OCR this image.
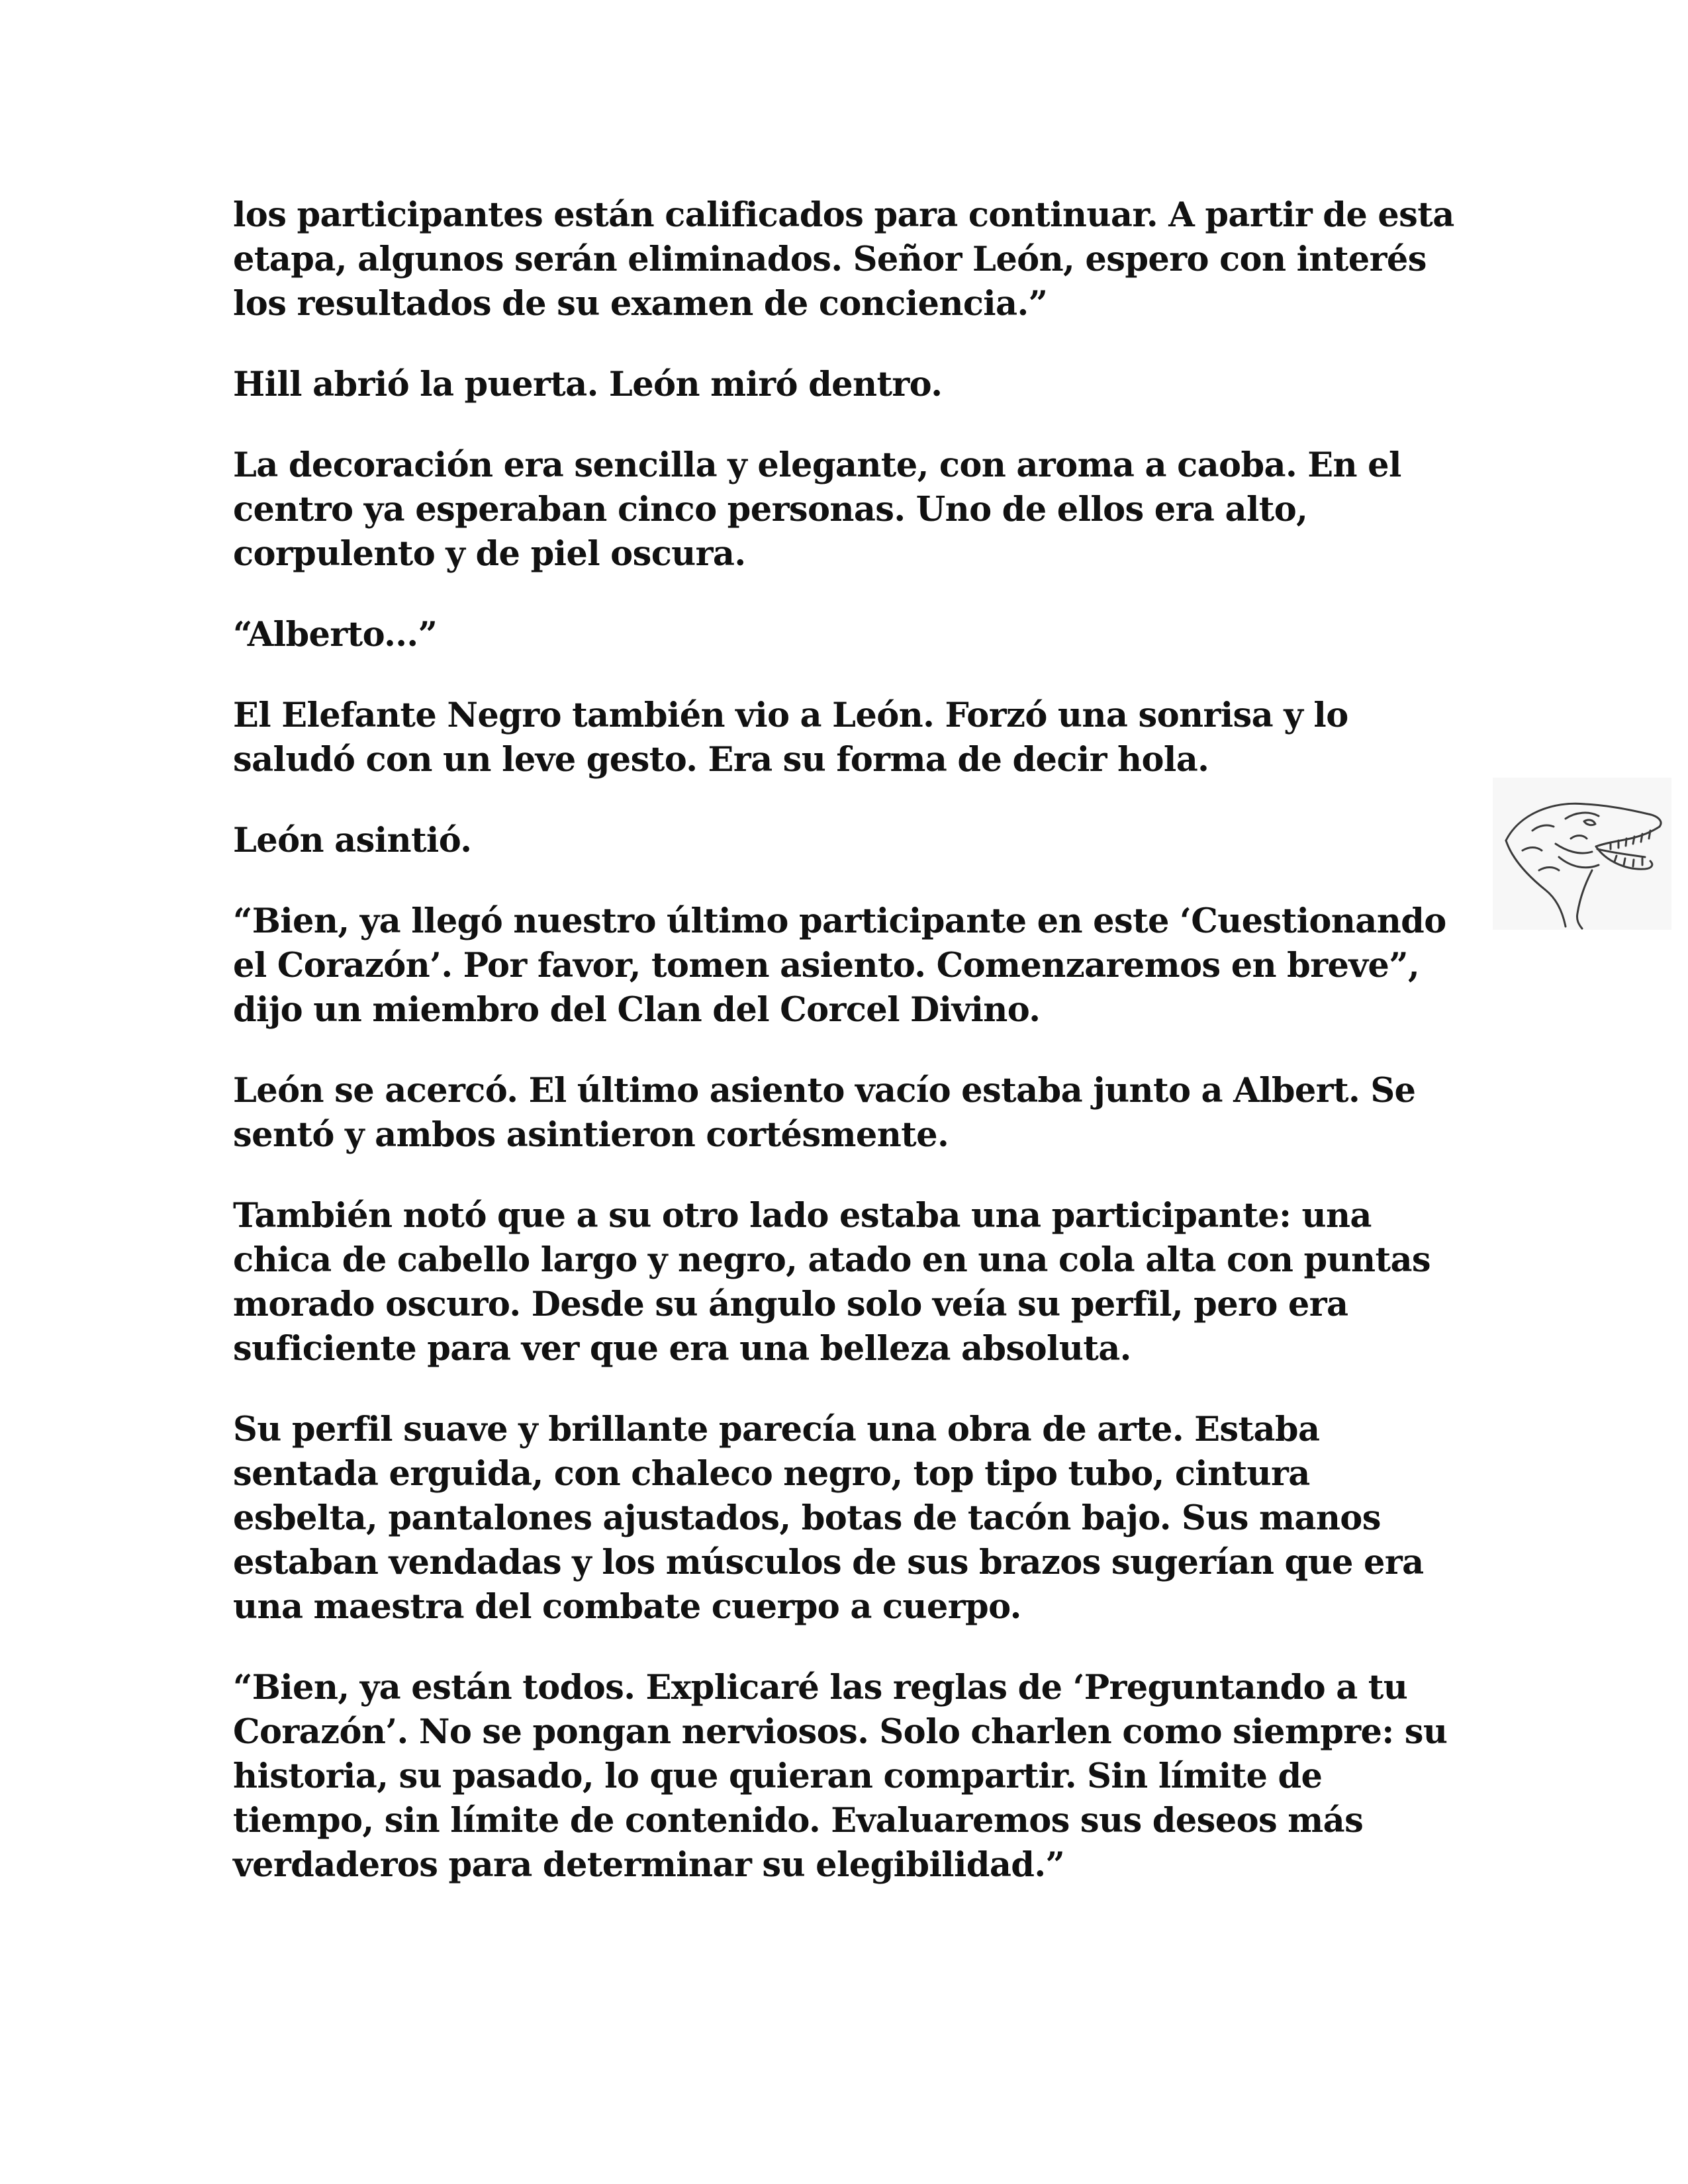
los participantes están calificados para continuar. A partir de esta etapa, algunos serán eliminados. Señor León, espero con interés los resultados de su examen de conciencia.”

Hill abrió la puerta. León miró dentro.

La decoración era sencilla y elegante, con aroma a caoba. En el centro ya esperaban cinco personas. Uno de ellos era alto, corpulento y de piel oscura.

“Alberto...”

El Elefante Negro también vio a León. Forzó una sonrisa y lo saludó con un leve gesto. Era su forma de decir hola.

León asintió.

“Bien, ya llegó nuestro último participante en este ‘Cuestionando el Corazón’. Por favor, tomen asiento. Comenzaremos en breve”, dijo un miembro del Clan del Corcel Divino.

León se acercó. El último asiento vacío estaba junto a Albert. Se sentó y ambos asintieron cortésmente.

También notó que a su otro lado estaba una participante: una chica de cabello largo y negro, atado en una cola alta con puntas morado oscuro. Desde su ángulo solo veía su perfil, pero era suficiente para ver que era una belleza absoluta.

Su perfil suave y brillante parecía una obra de arte. Estaba sentada erguida, con chaleco negro, top tipo tubo, cintura esbelta, pantalones ajustados, botas de tacón bajo. Sus manos estaban vendadas y los músculos de sus brazos sugerían que era una maestra del combate cuerpo a cuerpo.

“Bien, ya están todos. Explicaré las reglas de ‘Preguntando a tu Corazón’. No se pongan nerviosos. Solo charlen como siempre: su historia, su pasado, lo que quieran compartir. Sin límite de tiempo, sin límite de contenido. Evaluaremos sus deseos más verdaderos para determinar su elegibilidad.”
